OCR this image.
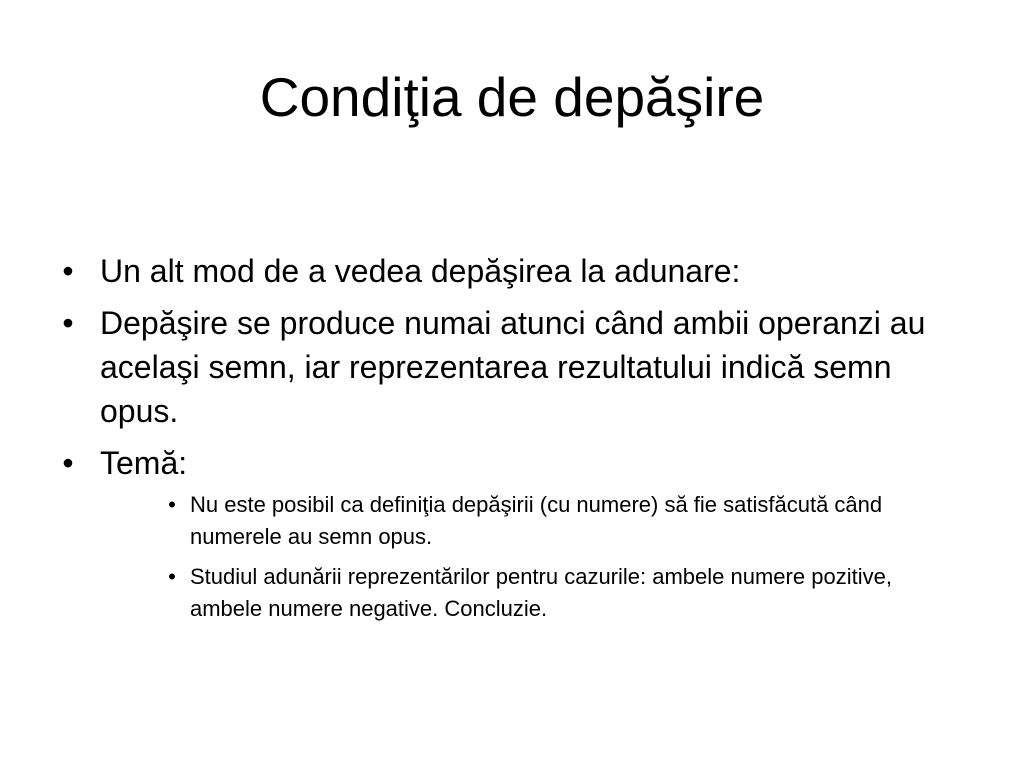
Condiţia de depăşire
• Un alt mod de a vedea depăşirea la adunare:
• Depăşire se produce numai atunci când ambii operanzi au acelaşi semn, iar reprezentarea rezultatului indică semn opus.
• Temă:
• Nu este posibil ca definiţia depăşirii (cu numere) să fie satisfăcută când numerele au semn opus.
• Studiul adunării reprezentărilor pentru cazurile: ambele numere pozitive, ambele numere negative. Concluzie.
